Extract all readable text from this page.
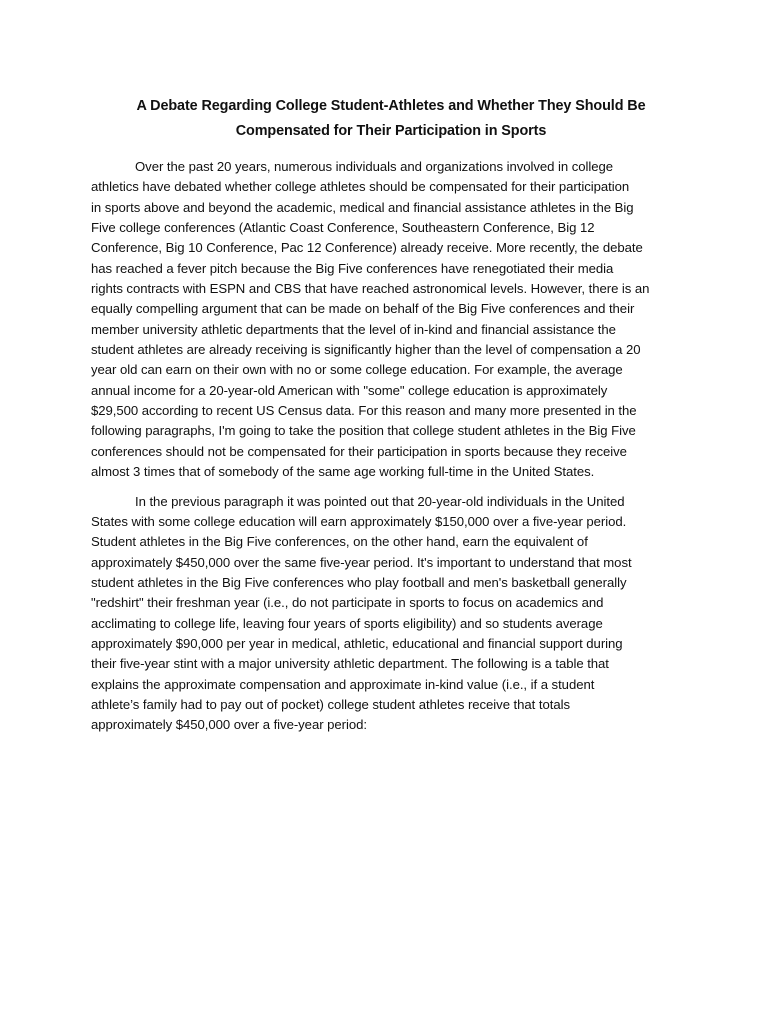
A Debate Regarding College Student-Athletes and Whether They Should Be
Compensated for Their Participation in Sports

Over the past 20 years, numerous individuals and organizations involved in college
athletics have debated whether college athletes should be compensated for their participation
in sports above and beyond the academic, medical and financial assistance athletes in the Big
Five college conferences (Atlantic Coast Conference, Southeastern Conference, Big 12
Conference, Big 10 Conference, Pac 12 Conference) already receive. More recently, the debate
has reached a fever pitch because the Big Five conferences have renegotiated their media
rights contracts with ESPN and CBS that have reached astronomical levels. However, there is an
equally compelling argument that can be made on behalf of the Big Five conferences and their
member university athletic departments that the level of in-kind and financial assistance the
student athletes are already receiving is significantly higher than the level of compensation a 20
year old can earn on their own with no or some college education. For example, the average
annual income for a 20-year-old American with "some" college education is approximately
$29,500 according to recent US Census data. For this reason and many more presented in the
following paragraphs, I'm going to take the position that college student athletes in the Big Five
conferences should not be compensated for their participation in sports because they receive
almost 3 times that of somebody of the same age working full-time in the United States.

In the previous paragraph it was pointed out that 20-year-old individuals in the United
States with some college education will earn approximately $150,000 over a five-year period.
Student athletes in the Big Five conferences, on the other hand, earn the equivalent of
approximately $450,000 over the same five-year period. It's important to understand that most
student athletes in the Big Five conferences who play football and men's basketball generally
"redshirt" their freshman year (i.e., do not participate in sports to focus on academics and
acclimating to college life, leaving four years of sports eligibility) and so students average
approximately $90,000 per year in medical, athletic, educational and financial support during
their five-year stint with a major university athletic department. The following is a table that
explains the approximate compensation and approximate in-kind value (i.e., if a student
athlete’s family had to pay out of pocket) college student athletes receive that totals
approximately $450,000 over a five-year period:
